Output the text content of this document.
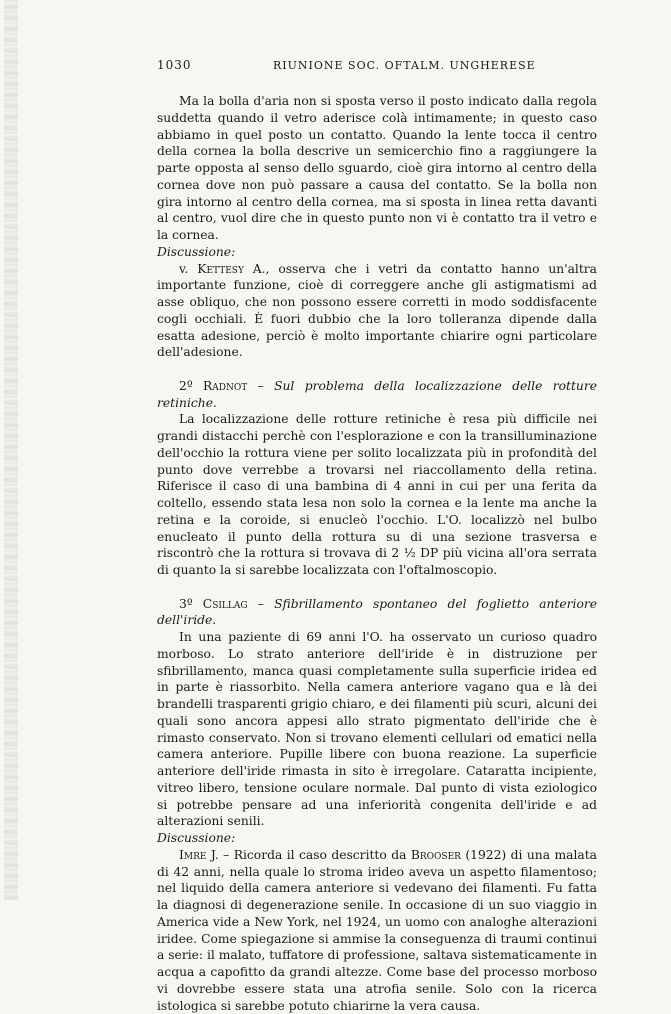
1030	RIUNIONE SOC. OFTALM. UNGHERESE

Ma la bolla d'aria non si sposta verso il posto indicato dalla regola suddetta quando il vetro aderisce colà intimamente; in questo caso abbiamo in quel posto un contatto. Quando la lente tocca il centro della cornea la bolla descrive un semicerchio fino a raggiungere la parte opposta al senso dello sguardo, cioè gira intorno al centro della cornea dove non può passare a causa del contatto. Se la bolla non gira intorno al centro della cornea, ma si sposta in linea retta davanti al centro, vuol dire che in questo punto non vi è contatto tra il vetro e la cornea.

Discussione:

v. Kettesy A., osserva che i vetri da contatto hanno un'altra importante funzione, cioè di correggere anche gli astigmatismi ad asse obliquo, che non possono essere corretti in modo soddisfacente cogli occhiali. È fuori dubbio che la loro tolleranza dipende dalla esatta adesione, perciò è molto importante chiarire ogni particolare dell'adesione.

2º Radnot – Sul problema della localizzazione delle rotture retiniche.

La localizzazione delle rotture retiniche è resa più difficile nei grandi distacchi perchè con l'esplorazione e con la transilluminazione dell'occhio la rottura viene per solito localizzata più in profondità del punto dove verrebbe a trovarsi nel riaccollamento della retina. Riferisce il caso di una bambina di 4 anni in cui per una ferita da coltello, essendo stata lesa non solo la cornea e la lente ma anche la retina e la coroide, si enucleò l'occhio. L'O. localizzò nel bulbo enucleato il punto della rottura su di una sezione trasversa e riscontrò che la rottura si trovava di 2 ½ DP più vicina all'ora serrata di quanto la si sarebbe localizzata con l'oftalmoscopio.

3º Csillag – Sfibrillamento spontaneo del foglietto anteriore dell'iride.

In una paziente di 69 anni l'O. ha osservato un curioso quadro morboso. Lo strato anteriore dell'iride è in distruzione per sfibrillamento, manca quasi completamente sulla superficie iridea ed in parte è riassorbito. Nella camera anteriore vagano qua e là dei brandelli trasparenti grigio chiaro, e dei filamenti più scuri, alcuni dei quali sono ancora appesi allo strato pigmentato dell'iride che è rimasto conservato. Non si trovano elementi cellulari od ematici nella camera anteriore. Pupille libere con buona reazione. La superficie anteriore dell'iride rimasta in sito è irregolare. Cataratta incipiente, vitreo libero, tensione oculare normale. Dal punto di vista eziologico si potrebbe pensare ad una inferiorità congenita dell'iride e ad alterazioni senili.

Discussione:

Imre J. – Ricorda il caso descritto da Brooser (1922) di una malata di 42 anni, nella quale lo stroma irideo aveva un aspetto filamentoso; nel liquido della camera anteriore si vedevano dei filamenti. Fu fatta la diagnosi di degenerazione senile. In occasione di un suo viaggio in America vide a New York, nel 1924, un uomo con analoghe alterazioni iridee. Come spiegazione si ammise la conseguenza di traumi continui a serie: il malato, tuffatore di professione, saltava sistematicamente in acqua a capofitto da grandi altezze. Come base del processo morboso vi dovrebbe essere stata una atrofia senile. Solo con la ricerca istologica si sarebbe potuto chiarirne la vera causa.
